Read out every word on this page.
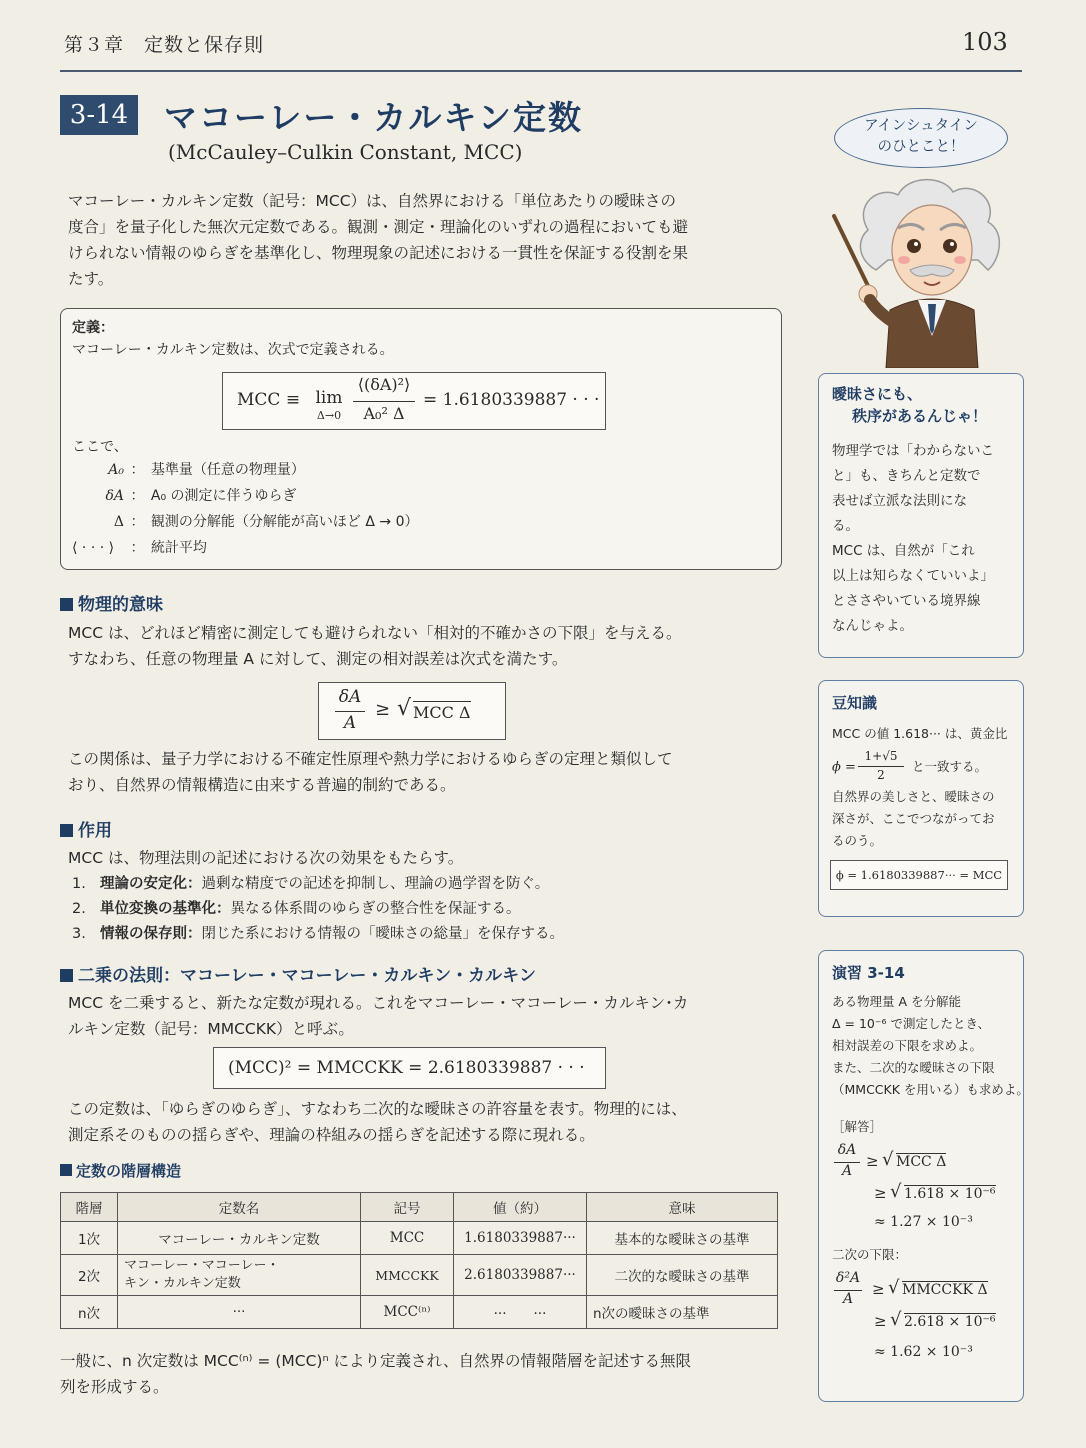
第３章　定数と保存則	103
3-14 マコーレー・カルキン定数
(McCauley–Culkin Constant, MCC)
マコーレー・カルキン定数（記号：MCC）は、自然界における「単位あたりの曖昧さの
度合」を量子化した無次元定数である。観測・測定・理論化のいずれの過程においても避
けられない情報のゆらぎを基準化し、物理現象の記述における一貫性を保証する役割を果
たす。
定義：
マコーレー・カルキン定数は、次式で定義される。
MCC ≡ lim
Δ→0
⟨(δA)²⟩
A₀² Δ
= 1.6180339887 · · ·
ここで、
A₀ ： 基準量（任意の物理量）
δA ： A₀ の測定に伴うゆらぎ
Δ ： 観測の分解能（分解能が高いほど Δ → 0）
⟨ · · · ⟩ ： 統計平均
物理的意味
MCC は、どれほど精密に測定しても避けられない「相対的不確かさの下限」を与える。
すなわち、任意の物理量 A に対して、測定の相対誤差は次式を満たす。
δA
A
≥ √ MCC Δ
この関係は、量子力学における不確定性原理や熱力学におけるゆらぎの定理と類似して
おり、自然界の情報構造に由来する普遍的制約である。
作用
MCC は、物理法則の記述における次の効果をもたらす。
1. 理論の安定化：過剰な精度での記述を抑制し、理論の過学習を防ぐ。
2. 単位変換の基準化：異なる体系間のゆらぎの整合性を保証する。
3. 情報の保存則：閉じた系における情報の「曖昧さの総量」を保存する。
二乗の法則：マコーレー・マコーレー・カルキン・カルキン
MCC を二乗すると、新たな定数が現れる。これをマコーレー・マコーレー・カルキン･カ
ルキン定数（記号：MMCCKK）と呼ぶ。
(MCC)² = MMCCKK = 2.6180339887 · · ·
この定数は、「ゆらぎのゆらぎ」、すなわち二次的な曖昧さの許容量を表す。物理的には、
測定系そのものの揺らぎや、理論の枠組みの揺らぎを記述する際に現れる。
定数の階層構造
階層	定数名	記号	値（約）	意味
1次	マコーレー・カルキン定数	MCC	1.6180339887···	基本的な曖昧さの基準
2次	マコーレー・マコーレー・
キン・カルキン定数	MMCCKK	2.6180339887···	二次的な曖昧さの基準
n次	···	MCC⁽ⁿ⁾	···　　···	n次の曖昧さの基準
一般に、n 次定数は MCC⁽ⁿ⁾ = (MCC)ⁿ により定義され、自然界の情報階層を記述する無限
列を形成する。
アインシュタイン
のひとこと！
曖昧さにも、
秩序があるんじゃ！
物理学では「わからないこ
と」も、きちんと定数で
表せば立派な法則にな
る。
MCC は、自然が「これ
以上は知らなくていいよ」
とささやいている境界線
なんじゃよ。
豆知識
MCC の値 1.618··· は、黄金比
ϕ =
1+√5
2
と一致する。
自然界の美しさと、曖昧さの
深さが、ここでつながってお
るのう。
ϕ = 1.6180339887··· = MCC
演習 3-14
ある物理量 A を分解能
Δ = 10⁻⁶ で測定したとき、
相対誤差の下限を求めよ。
また、二次的な曖昧さの下限
（MMCCKK を用いる）も求めよ。
［解答］
δA
A
≥ √ MCC Δ
≥ √ 1.618 × 10⁻⁶
≈ 1.27 × 10⁻³
二次の下限：
δ²A
A
≥ √ MMCCKK Δ
≥ √ 2.618 × 10⁻⁶
≈ 1.62 × 10⁻³
